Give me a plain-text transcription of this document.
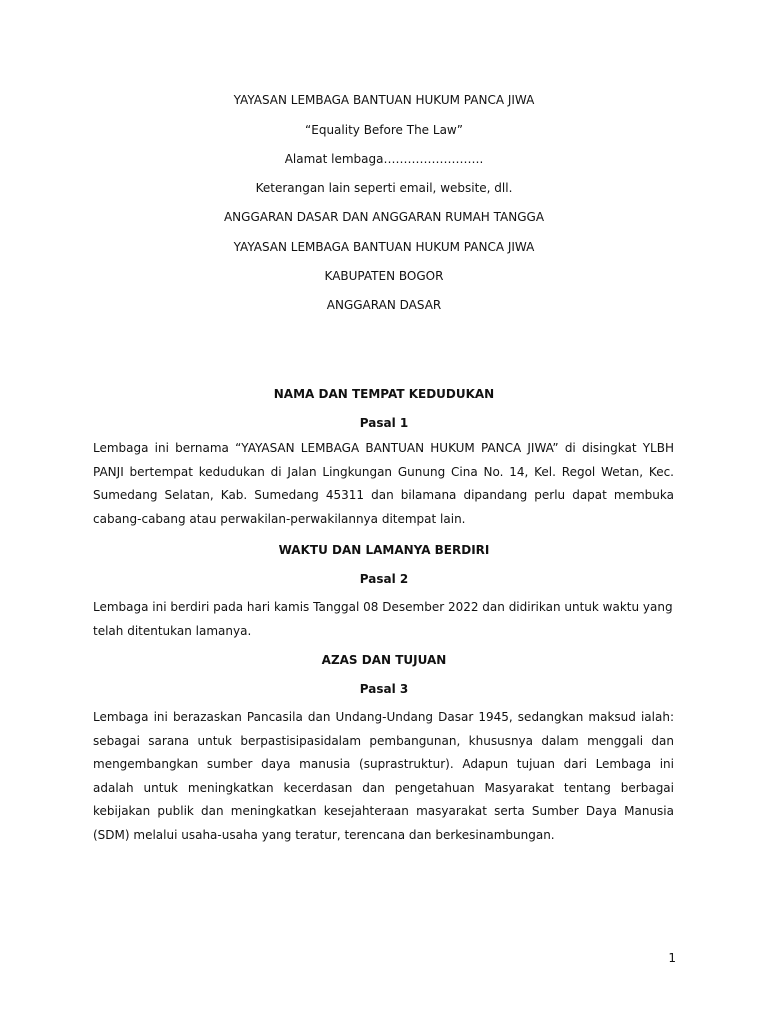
YAYASAN LEMBAGA BANTUAN HUKUM PANCA JIWA
“Equality Before The Law”
Alamat lembaga…………………….
Keterangan lain seperti email, website, dll.
ANGGARAN DASAR DAN ANGGARAN RUMAH TANGGA
YAYASAN LEMBAGA BANTUAN HUKUM PANCA JIWA
KABUPATEN BOGOR
ANGGARAN DASAR
NAMA DAN TEMPAT KEDUDUKAN
Pasal 1
Lembaga ini bernama “YAYASAN LEMBAGA BANTUAN HUKUM PANCA JIWA” di disingkat YLBH PANJI bertempat kedudukan di Jalan Lingkungan Gunung Cina No. 14, Kel. Regol Wetan, Kec. Sumedang Selatan, Kab. Sumedang 45311 dan bilamana dipandang perlu dapat membuka cabang-cabang atau perwakilan-perwakilannya ditempat lain.
WAKTU DAN LAMANYA BERDIRI
Pasal 2
Lembaga ini berdiri pada hari kamis Tanggal 08 Desember 2022 dan didirikan untuk waktu yang telah ditentukan lamanya.
AZAS DAN TUJUAN
Pasal 3
Lembaga ini berazaskan Pancasila dan Undang-Undang Dasar 1945, sedangkan maksud ialah: sebagai sarana untuk berpastisipasidalam pembangunan, khususnya dalam menggali dan mengembangkan sumber daya manusia (suprastruktur). Adapun tujuan dari Lembaga ini adalah untuk meningkatkan kecerdasan dan pengetahuan Masyarakat tentang berbagai kebijakan publik dan meningkatkan kesejahteraan masyarakat serta Sumber Daya Manusia (SDM) melalui usaha-usaha yang teratur, terencana dan berkesinambungan.
1
